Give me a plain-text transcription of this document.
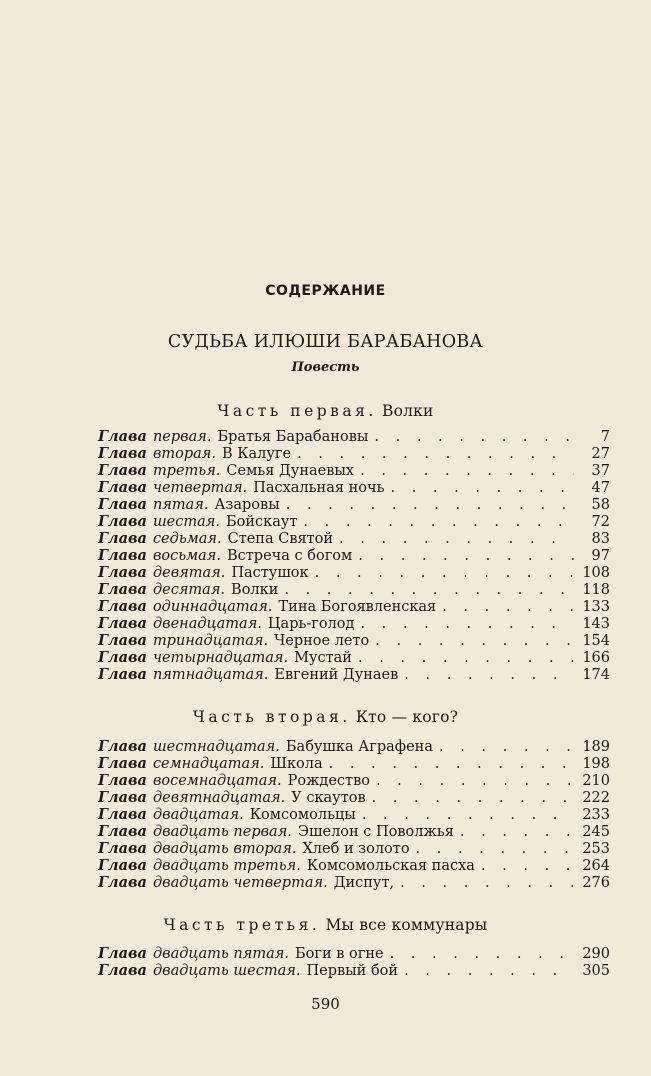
СОДЕРЖАНИЕ
СУДЬБА ИЛЮШИ БАРАБАНОВА
Повесть
Часть первая. Волки
Глава первая. Братья Барабановы . . .	7
Глава вторая. В Калуге . . .	27
Глава третья. Семья Дунаевых . . .	37
Глава четвертая. Пасхальная ночь . . .	47
Глава пятая. Азаровы . . .	58
Глава шестая. Бойскаут . . .	72
Глава седьмая. Степа Святой . . .	83
Глава восьмая. Встреча с богом . . .	97
Глава девятая. Пастушок . . .	108
Глава десятая. Волки . . .	118
Глава одиннадцатая. Тина Богоявленская . . .	133
Глава двенадцатая. Царь-голод . . .	143
Глава тринадцатая. Черное лето . . .	154
Глава четырнадцатая. Мустай . . .	166
Глава пятнадцатая. Евгений Дунаев . . .	174
Часть вторая. Кто — кого?
Глава шестнадцатая. Бабушка Аграфена . . .	189
Глава семнадцатая. Школа . . .	198
Глава восемнадцатая. Рождество . . .	210
Глава девятнадцатая. У скаутов . . .	222
Глава двадцатая. Комсомольцы . . .	233
Глава двадцать первая. Эшелон с Поволжья . . .	245
Глава двадцать вторая. Хлеб и золото . . .	253
Глава двадцать третья. Комсомольская пасха . . .	264
Глава двадцать четвертая. Диспут, . . .	276
Часть третья. Мы все коммунары
Глава двадцать пятая. Боги в огне . . .	290
Глава двадцать шестая. Первый бой . . .	305
590
